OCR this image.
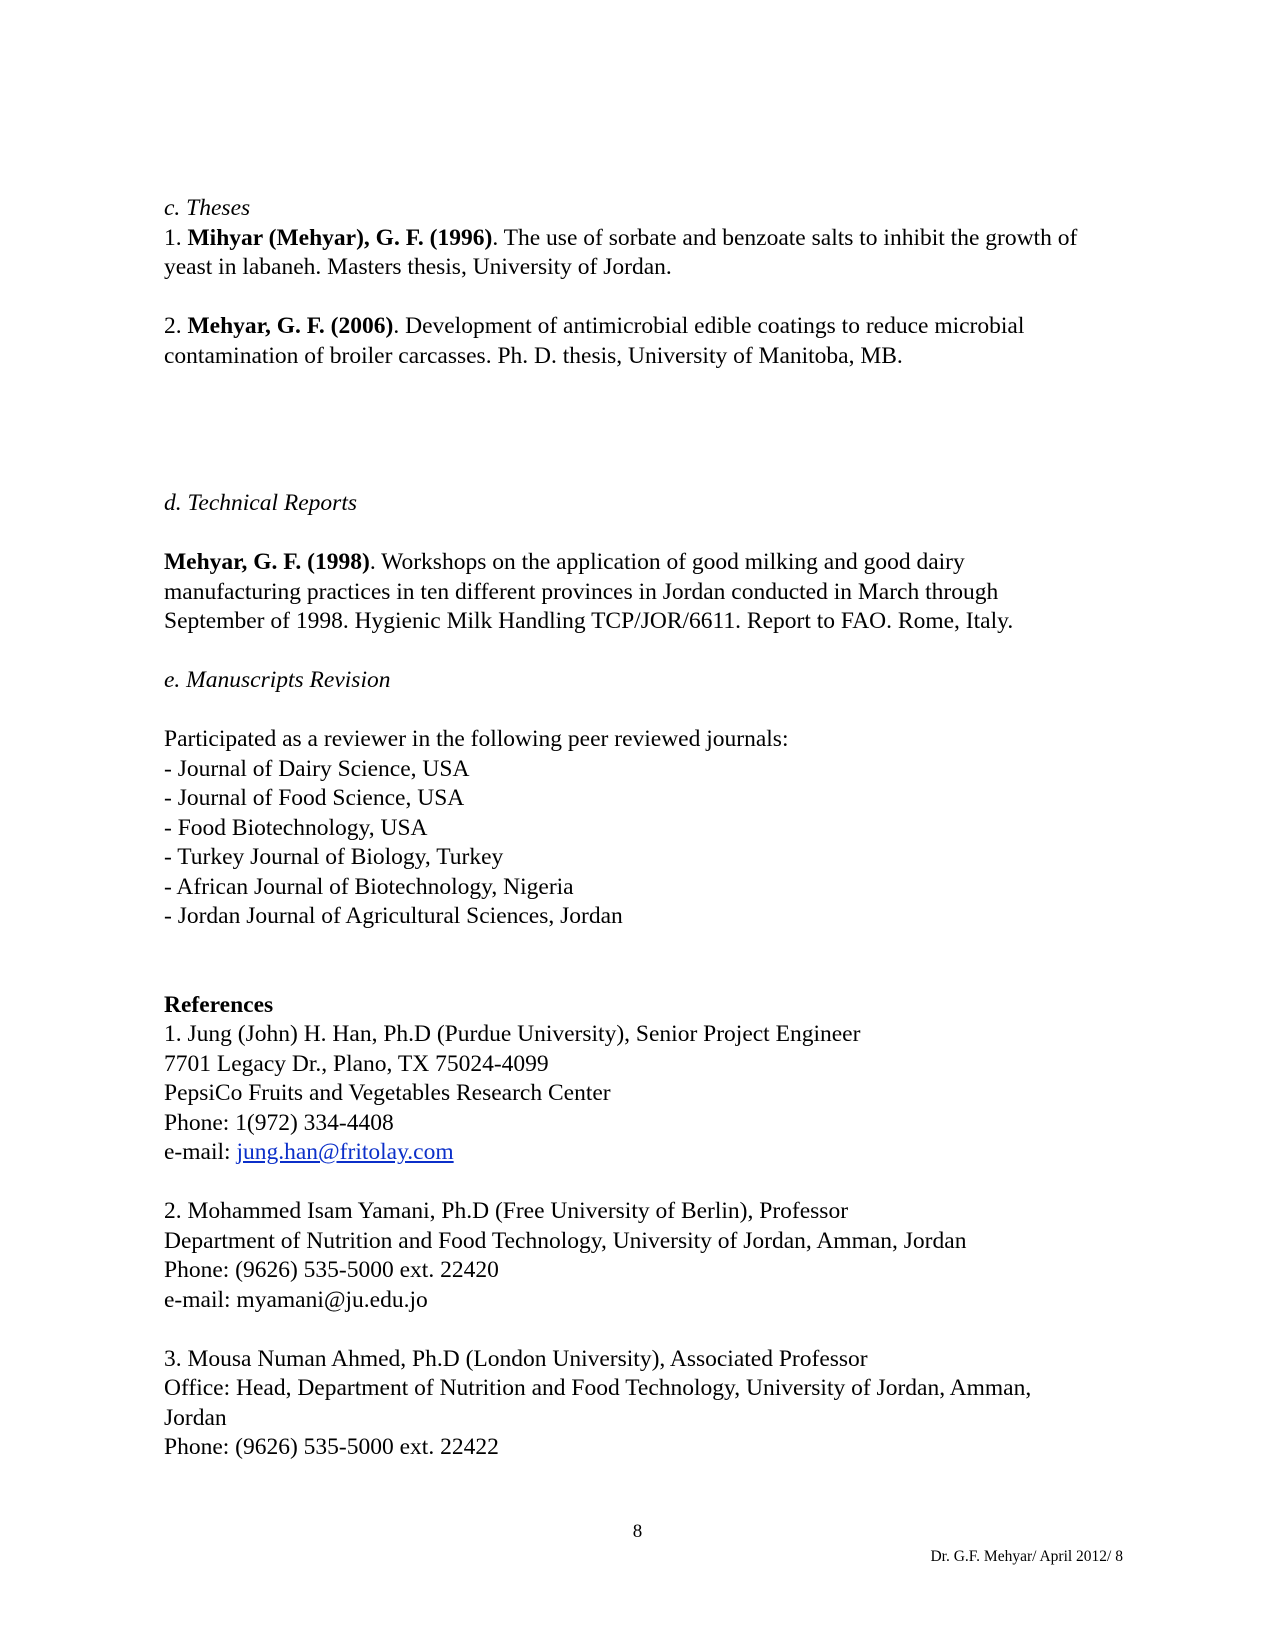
c. Theses
1. Mihyar (Mehyar), G. F. (1996). The use of sorbate and benzoate salts to inhibit the growth of
yeast in labaneh. Masters thesis, University of Jordan.
2. Mehyar, G. F. (2006). Development of antimicrobial edible coatings to reduce microbial
contamination of broiler carcasses. Ph. D. thesis, University of Manitoba, MB.
d. Technical Reports
Mehyar, G. F. (1998). Workshops on the application of good milking and good dairy
manufacturing practices in ten different provinces in Jordan conducted in March through
September of 1998. Hygienic Milk Handling TCP/JOR/6611. Report to FAO. Rome, Italy.
e. Manuscripts Revision
Participated as a reviewer in the following peer reviewed journals:
- Journal of Dairy Science, USA
- Journal of Food Science, USA
- Food Biotechnology, USA
- Turkey Journal of Biology, Turkey
- African Journal of Biotechnology, Nigeria
- Jordan Journal of Agricultural Sciences, Jordan
References
1. Jung (John) H. Han, Ph.D (Purdue University), Senior Project Engineer
7701 Legacy Dr., Plano, TX 75024-4099
PepsiCo Fruits and Vegetables Research Center
Phone: 1(972) 334-4408
e-mail: jung.han@fritolay.com
2. Mohammed Isam Yamani, Ph.D (Free University of Berlin), Professor
Department of Nutrition and Food Technology, University of Jordan, Amman, Jordan
Phone: (9626) 535-5000 ext. 22420
e-mail: myamani@ju.edu.jo
3. Mousa Numan Ahmed, Ph.D (London University), Associated Professor
Office: Head, Department of Nutrition and Food Technology, University of Jordan, Amman,
Jordan
Phone: (9626) 535-5000 ext. 22422
8
Dr. G.F. Mehyar/ April 2012/ 8
